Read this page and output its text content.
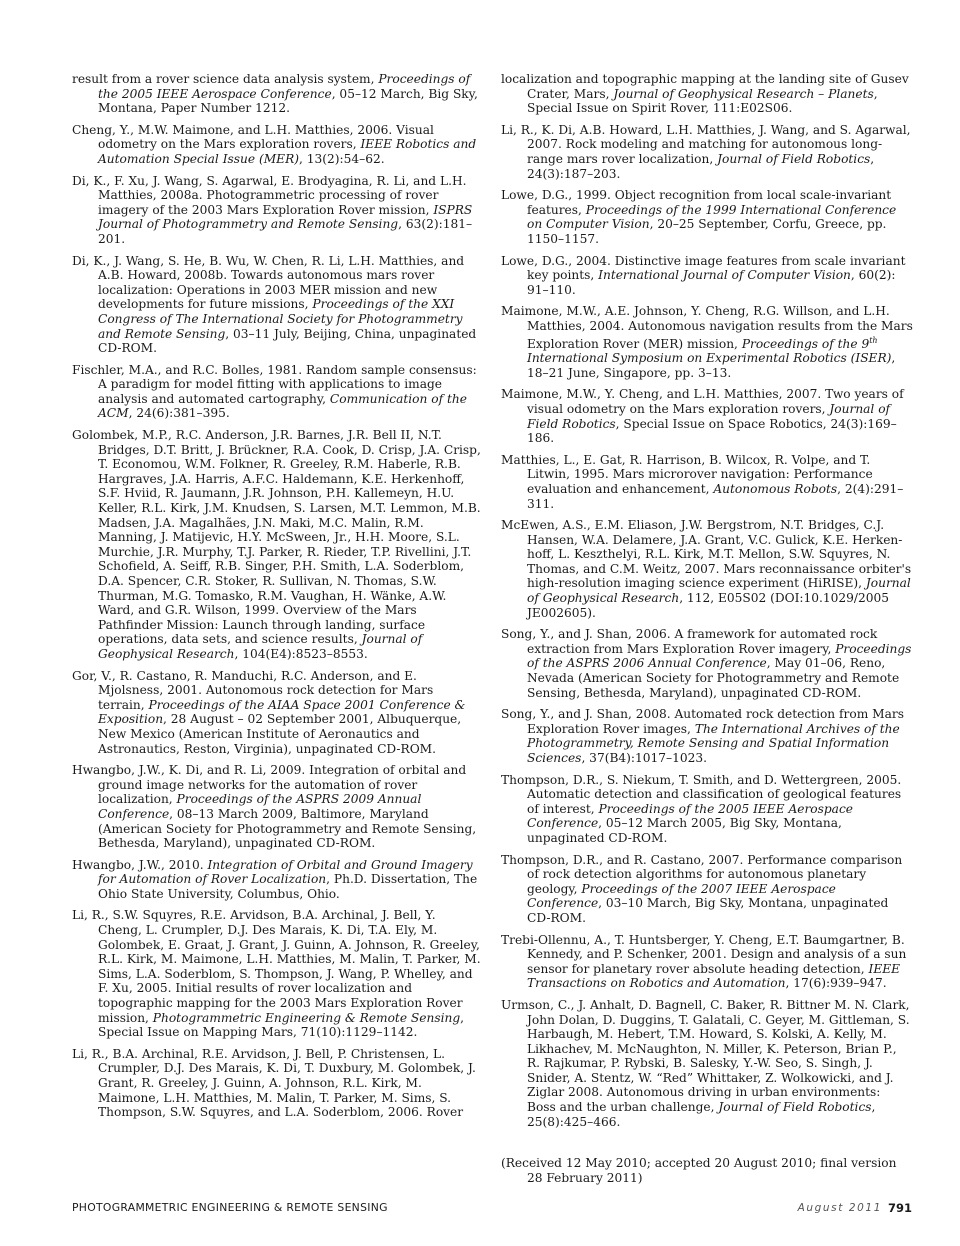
result from a rover science data analysis system, Proceedings of the 2005 IEEE Aerospace Conference, 05–12 March, Big Sky, Montana, Paper Number 1212.
Cheng, Y., M.W. Maimone, and L.H. Matthies, 2006. Visual odometry on the Mars exploration rovers, IEEE Robotics and Automation Special Issue (MER), 13(2):54–62.
Di, K., F. Xu, J. Wang, S. Agarwal, E. Brodyagina, R. Li, and L.H. Matthies, 2008a. Photogrammetric processing of rover imagery of the 2003 Mars Exploration Rover mission, ISPRS Journal of Photogrammetry and Remote Sensing, 63(2):181–201.
Di, K., J. Wang, S. He, B. Wu, W. Chen, R. Li, L.H. Matthies, and A.B. Howard, 2008b. Towards autonomous mars rover localization: Operations in 2003 MER mission and new developments for future missions, Proceedings of the XXI Congress of The International Society for Photogrammetry and Remote Sensing, 03–11 July, Beijing, China, unpaginated CD-ROM.
Fischler, M.A., and R.C. Bolles, 1981. Random sample consensus: A paradigm for model fitting with applications to image analysis and automated cartography, Communication of the ACM, 24(6):381–395.
Golombek, M.P., R.C. Anderson, J.R. Barnes, J.R. Bell II, N.T. Bridges, D.T. Britt, J. Brückner, R.A. Cook, D. Crisp, J.A. Crisp, T. Economou, W.M. Folkner, R. Greeley, R.M. Haberle, R.B. Hargraves, J.A. Harris, A.F.C. Haldemann, K.E. Herkenhoff, S.F. Hviid, R. Jaumann, J.R. Johnson, P.H. Kallemeyn, H.U. Keller, R.L. Kirk, J.M. Knudsen, S. Larsen, M.T. Lemmon, M.B. Madsen, J.A. Magalhães, J.N. Maki, M.C. Malin, R.M. Manning, J. Matijevic, H.Y. McSween, Jr., H.H. Moore, S.L. Murchie, J.R. Murphy, T.J. Parker, R. Rieder, T.P. Rivellini, J.T. Schofield, A. Seiff, R.B. Singer, P.H. Smith, L.A. Soderblom, D.A. Spencer, C.R. Stoker, R. Sullivan, N. Thomas, S.W. Thurman, M.G. Tomasko, R.M. Vaughan, H. Wänke, A.W. Ward, and G.R. Wilson, 1999. Overview of the Mars Pathfinder Mission: Launch through landing, surface operations, data sets, and science results, Journal of Geophysical Research, 104(E4):8523–8553.
Gor, V., R. Castano, R. Manduchi, R.C. Anderson, and E. Mjolsness, 2001. Autonomous rock detection for Mars terrain, Proceedings of the AIAA Space 2001 Conference & Exposition, 28 August – 02 September 2001, Albuquerque, New Mexico (American Institute of Aeronautics and Astronautics, Reston, Virginia), unpaginated CD-ROM.
Hwangbo, J.W., K. Di, and R. Li, 2009. Integration of orbital and ground image networks for the automation of rover localization, Proceedings of the ASPRS 2009 Annual Conference, 08–13 March 2009, Baltimore, Maryland (American Society for Photogrammetry and Remote Sensing, Bethesda, Maryland), unpaginated CD-ROM.
Hwangbo, J.W., 2010. Integration of Orbital and Ground Imagery for Automation of Rover Localization, Ph.D. Dissertation, The Ohio State University, Columbus, Ohio.
Li, R., S.W. Squyres, R.E. Arvidson, B.A. Archinal, J. Bell, Y. Cheng, L. Crumpler, D.J. Des Marais, K. Di, T.A. Ely, M. Golombek, E. Graat, J. Grant, J. Guinn, A. Johnson, R. Greeley, R.L. Kirk, M. Maimone, L.H. Matthies, M. Malin, T. Parker, M. Sims, L.A. Soderblom, S. Thompson, J. Wang, P. Whelley, and F. Xu, 2005. Initial results of rover localization and topographic mapping for the 2003 Mars Exploration Rover mission, Photogrammetric Engineering & Remote Sensing, Special Issue on Mapping Mars, 71(10):1129–1142.
Li, R., B.A. Archinal, R.E. Arvidson, J. Bell, P. Christensen, L. Crumpler, D.J. Des Marais, K. Di, T. Duxbury, M. Golombek, J. Grant, R. Greeley, J. Guinn, A. Johnson, R.L. Kirk, M. Maimone, L.H. Matthies, M. Malin, T. Parker, M. Sims, S. Thompson, S.W. Squyres, and L.A. Soderblom, 2006. Rover
localization and topographic mapping at the landing site of Gusev Crater, Mars, Journal of Geophysical Research – Planets, Special Issue on Spirit Rover, 111:E02S06.
Li, R., K. Di, A.B. Howard, L.H. Matthies, J. Wang, and S. Agarwal, 2007. Rock modeling and matching for autonomous long-range mars rover localization, Journal of Field Robotics, 24(3):187–203.
Lowe, D.G., 1999. Object recognition from local scale-invariant features, Proceedings of the 1999 International Conference on Computer Vision, 20–25 September, Corfu, Greece, pp. 1150–1157.
Lowe, D.G., 2004. Distinctive image features from scale invariant key points, International Journal of Computer Vision, 60(2): 91–110.
Maimone, M.W., A.E. Johnson, Y. Cheng, R.G. Willson, and L.H. Matthies, 2004. Autonomous navigation results from the Mars Exploration Rover (MER) mission, Proceedings of the 9th International Symposium on Experimental Robotics (ISER), 18–21 June, Singapore, pp. 3–13.
Maimone, M.W., Y. Cheng, and L.H. Matthies, 2007. Two years of visual odometry on the Mars exploration rovers, Journal of Field Robotics, Special Issue on Space Robotics, 24(3):169–186.
Matthies, L., E. Gat, R. Harrison, B. Wilcox, R. Volpe, and T. Litwin, 1995. Mars microrover navigation: Performance evaluation and enhancement, Autonomous Robots, 2(4):291–311.
McEwen, A.S., E.M. Eliason, J.W. Bergstrom, N.T. Bridges, C.J. Hansen, W.A. Delamere, J.A. Grant, V.C. Gulick, K.E. Herken-
hoff, L. Keszthelyi, R.L. Kirk, M.T. Mellon, S.W. Squyres, N. Thomas, and C.M. Weitz, 2007. Mars reconnaissance orbiter's high-resolution imaging science experiment (HiRISE), Journal of Geophysical Research, 112, E05S02 (DOI:10.1029/2005 JE002605).
Song, Y., and J. Shan, 2006. A framework for automated rock extraction from Mars Exploration Rover imagery, Proceedings of the ASPRS 2006 Annual Conference, May 01–06, Reno, Nevada (American Society for Photogrammetry and Remote Sensing, Bethesda, Maryland), unpaginated CD-ROM.
Song, Y., and J. Shan, 2008. Automated rock detection from Mars Exploration Rover images, The International Archives of the Photogrammetry, Remote Sensing and Spatial Information Sciences, 37(B4):1017–1023.
Thompson, D.R., S. Niekum, T. Smith, and D. Wettergreen, 2005. Automatic detection and classification of geological features of interest, Proceedings of the 2005 IEEE Aerospace Conference, 05–12 March 2005, Big Sky, Montana, unpaginated CD-ROM.
Thompson, D.R., and R. Castano, 2007. Performance comparison of rock detection algorithms for autonomous planetary geology, Proceedings of the 2007 IEEE Aerospace Conference, 03–10 March, Big Sky, Montana, unpaginated CD-ROM.
Trebi-Ollennu, A., T. Huntsberger, Y. Cheng, E.T. Baumgartner, B. Kennedy, and P. Schenker, 2001. Design and analysis of a sun sensor for planetary rover absolute heading detection, IEEE Transactions on Robotics and Automation, 17(6):939–947.
Urmson, C., J. Anhalt, D. Bagnell, C. Baker, R. Bittner M. N. Clark, John Dolan, D. Duggins, T. Galatali, C. Geyer, M. Gittleman, S. Harbaugh, M. Hebert, T.M. Howard, S. Kolski, A. Kelly, M. Likhachev, M. McNaughton, N. Miller, K. Peterson, Brian P., R. Rajkumar, P. Rybski, B. Salesky, Y.-W. Seo, S. Singh, J. Snider, A. Stentz, W. “Red” Whittaker, Z. Wolkowicki, and J. Ziglar 2008. Autonomous driving in urban environments: Boss and the urban challenge, Journal of Field Robotics, 25(8):425–466.
(Received 12 May 2010; accepted 20 August 2010; final version 28 February 2011)
PHOTOGRAMMETRIC ENGINEERING & REMOTE SENSING	August 2011 791
